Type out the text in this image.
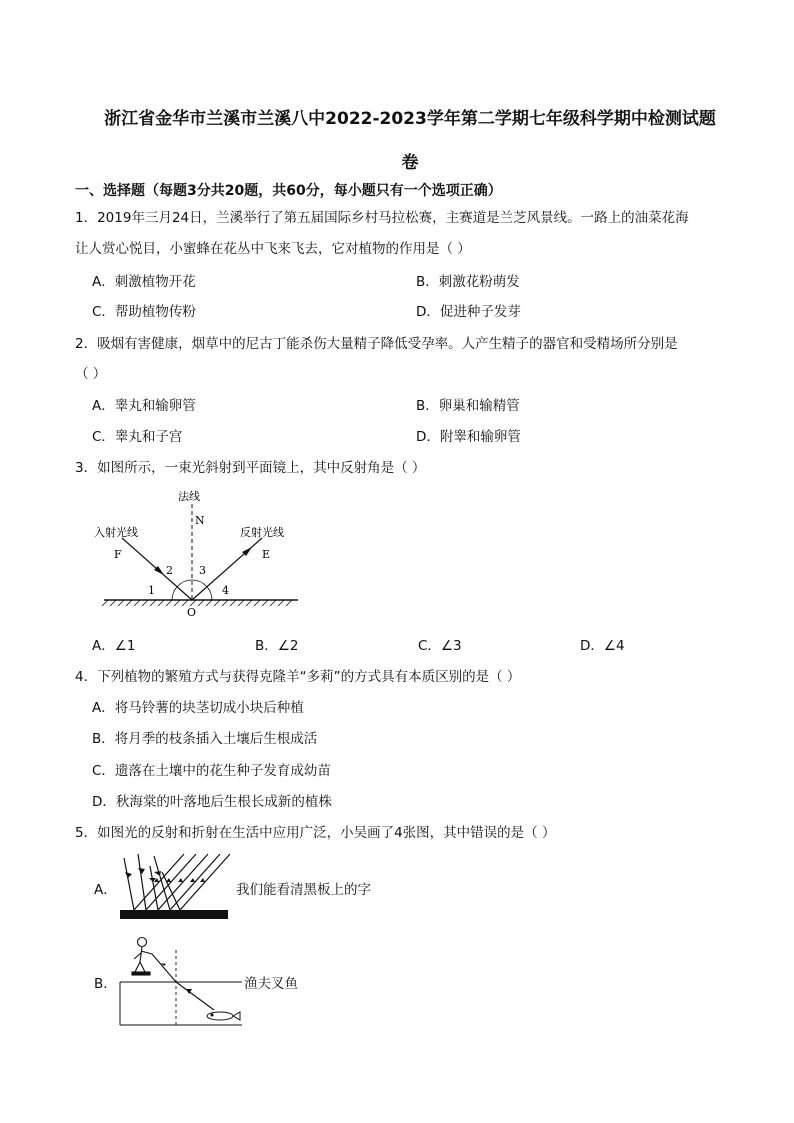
浙江省金华市兰溪市兰溪八中2022-2023学年第二学期七年级科学期中检测试题
卷
一、选择题（每题3分共20题，共60分，每小题只有一个选项正确）
1．2019年三月24日，兰溪举行了第五届国际乡村马拉松赛，主赛道是兰芝风景线。一路上的油菜花海
让人赏心悦目，小蜜蜂在花丛中飞来飞去，它对植物的作用是（ ）
A．刺激植物开花	B．刺激花粉萌发
C．帮助植物传粉	D．促进种子发芽
2．吸烟有害健康，烟草中的尼古丁能杀伤大量精子降低受孕率。人产生精子的器官和受精场所分别是
（ ）
A．睾丸和输卵管	B．卵巢和输精管
C．睾丸和子宫	D．附睾和输卵管
3．如图所示，一束光斜射到平面镜上，其中反射角是（ ）
法线
N
入射光线
F
反射光线
E
O
1
2 3
4
A．∠1	B．∠2	C．∠3	D．∠4
4．下列植物的繁殖方式与获得克隆羊“多莉”的方式具有本质区别的是（ ）
A．将马铃薯的块茎切成小块后种植
B．将月季的枝条插入土壤后生根成活
C．遗落在土壤中的花生种子发育成幼苗
D．秋海棠的叶落地后生根长成新的植株
5．如图光的反射和折射在生活中应用广泛，小吴画了4张图，其中错误的是（ ）
A．	我们能看清黑板上的字
B．	渔夫叉鱼
